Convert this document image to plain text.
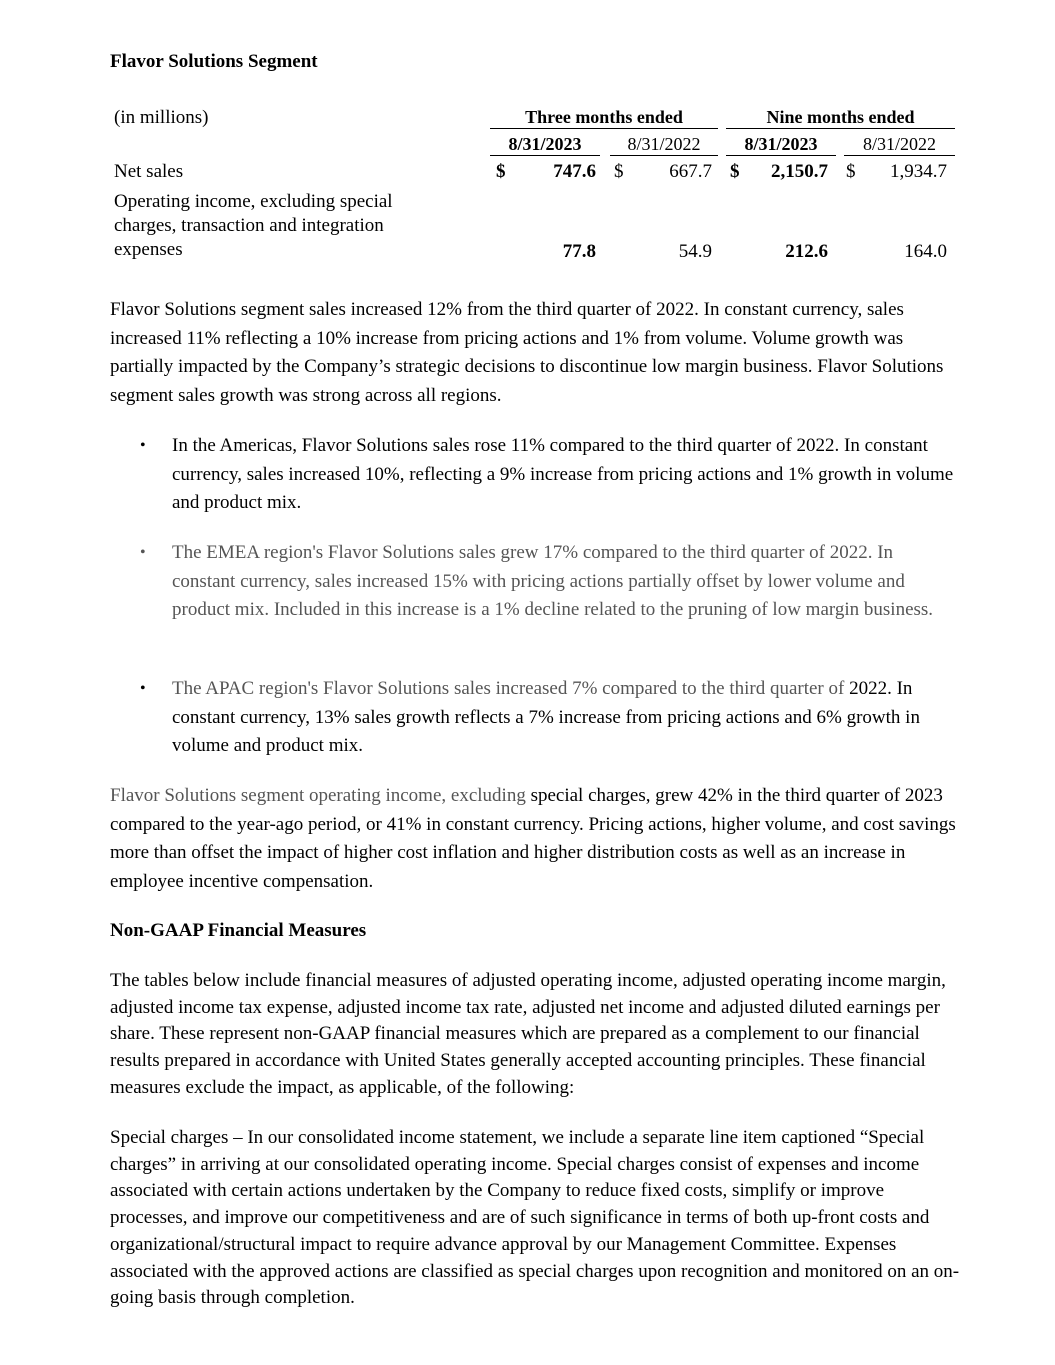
Flavor Solutions Segment
(in millions)	Three months ended	Nine months ended
8/31/2023	8/31/2022	8/31/2023	8/31/2022
Net sales	$	747.6 $	667.7 $	2,150.7 $	1,934.7
Operating income, excluding special charges, transaction and integration expenses	77.8	54.9	212.6	164.0

Flavor Solutions segment sales increased 12% from the third quarter of 2022. In constant currency, sales increased 11% reflecting a 10% increase from pricing actions and 1% from volume. Volume growth was partially impacted by the Company’s strategic decisions to discontinue low margin business. Flavor Solutions segment sales growth was strong across all regions.

•	In the Americas, Flavor Solutions sales rose 11% compared to the third quarter of 2022. In constant currency, sales increased 10%, reflecting a 9% increase from pricing actions and 1% growth in volume and product mix.
•	The EMEA region's Flavor Solutions sales grew 17% compared to the third quarter of 2022. In constant currency, sales increased 15% with pricing actions partially offset by lower volume and product mix. Included in this increase is a 1% decline related to the pruning of low margin business.
•	The APAC region's Flavor Solutions sales increased 7% compared to the third quarter of 2022. In constant currency, 13% sales growth reflects a 7% increase from pricing actions and 6% growth in volume and product mix.

Flavor Solutions segment operating income, excluding special charges, grew 42% in the third quarter of 2023 compared to the year-ago period, or 41% in constant currency. Pricing actions, higher volume, and cost savings more than offset the impact of higher cost inflation and higher distribution costs as well as an increase in employee incentive compensation.

Non-GAAP Financial Measures

The tables below include financial measures of adjusted operating income, adjusted operating income margin, adjusted income tax expense, adjusted income tax rate, adjusted net income and adjusted diluted earnings per share. These represent non-GAAP financial measures which are prepared as a complement to our financial results prepared in accordance with United States generally accepted accounting principles. These financial measures exclude the impact, as applicable, of the following:

Special charges – In our consolidated income statement, we include a separate line item captioned “Special charges” in arriving at our consolidated operating income. Special charges consist of expenses and income associated with certain actions undertaken by the Company to reduce fixed costs, simplify or improve processes, and improve our competitiveness and are of such significance in terms of both up-front costs and organizational/structural impact to require advance approval by our Management Committee. Expenses associated with the approved actions are classified as special charges upon recognition and monitored on an on-going basis through completion.
